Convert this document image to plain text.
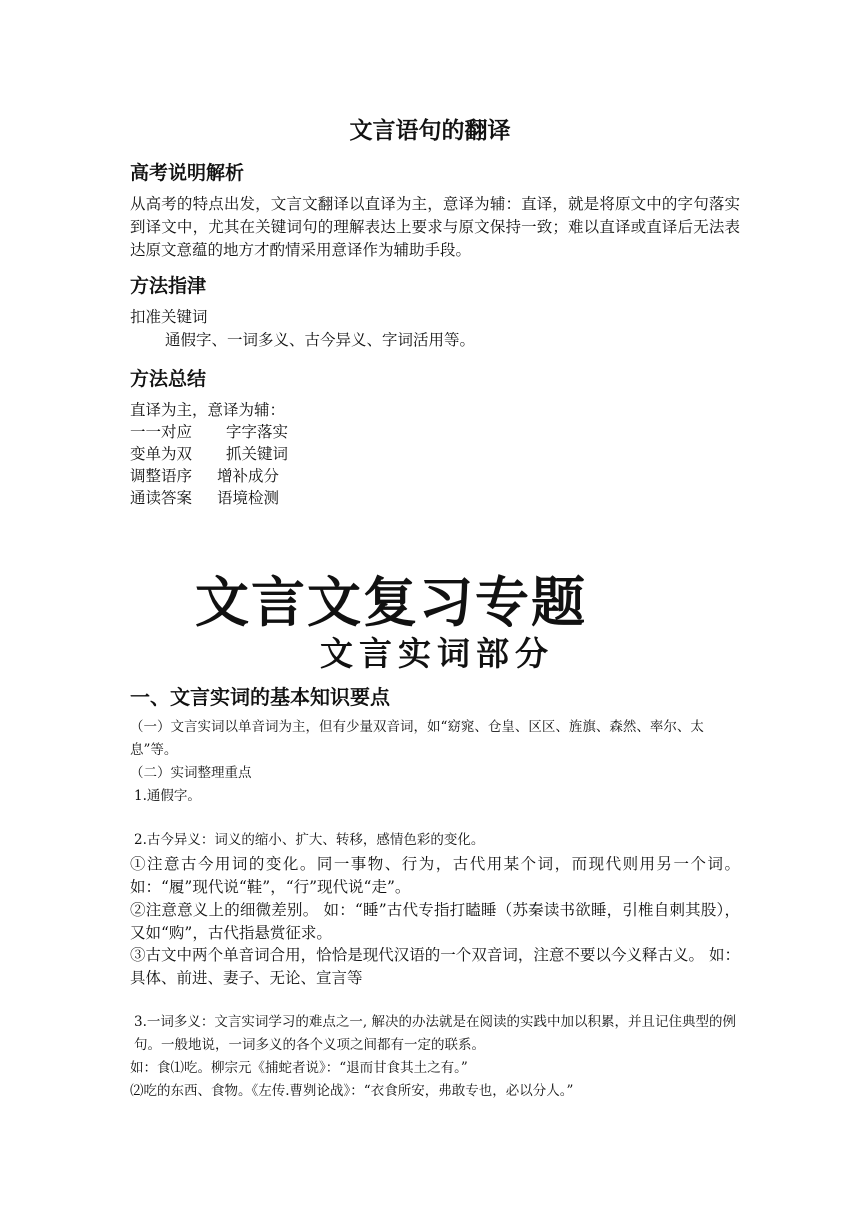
文言语句的翻译
高考说明解析
从高考的特点出发，文言文翻译以直译为主，意译为辅：直译，就是将原文中的字句落实到译文中，尤其在关键词句的理解表达上要求与原文保持一致；难以直译或直译后无法表达原文意蕴的地方才酌情采用意译作为辅助手段。
方法指津
扣准关键词
通假字、一词多义、古今异义、字词活用等。
方法总结
直译为主，意译为辅：
一一对应 字字落实
变单为双 抓关键词
调整语序 增补成分
通读答案 语境检测
文言文复习专题
文言实词部分
一、文言实词的基本知识要点
（一）文言实词以单音词为主，但有少量双音词，如“窈窕、仓皇、区区、旌旗、森然、率尔、太息”等。
（二）实词整理重点
1.通假字。
2.古今异义：词义的缩小、扩大、转移，感情色彩的变化。
①注意古今用词的变化。同一事物、行为，古代用某个词，而现代则用另一个词。如：“履”现代说“鞋”，“行”现代说“走”。
②注意意义上的细微差别。 如：“睡”古代专指打瞌睡（苏秦读书欲睡，引椎自刺其股），又如“购”，古代指悬赏征求。
③古文中两个单音词合用，恰恰是现代汉语的一个双音词，注意不要以今义释古义。 如：具体、前进、妻子、无论、宣言等
3.一词多义：文言实词学习的难点之一, 解决的办法就是在阅读的实践中加以积累，并且记住典型的例句。一般地说，一词多义的各个义项之间都有一定的联系。
如：食⑴吃。柳宗元《捕蛇者说》：“退而甘食其土之有。”
⑵吃的东西、食物。《左传.曹刿论战》：“衣食所安，弗敢专也，必以分人。”
